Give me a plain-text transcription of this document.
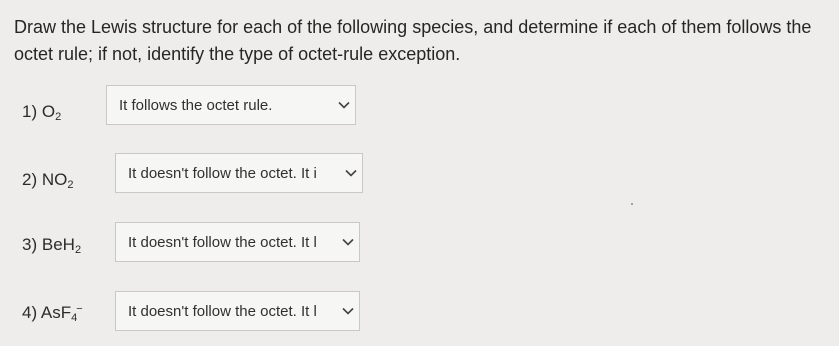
Draw the Lewis structure for each of the following species, and determine if each of them follows the octet rule; if not, identify the type of octet-rule exception.
1) $O_2$
It follows the octet rule.
2) $NO_2$
It doesn't follow the octet. It i
3) BeH$_2$	It doesn't follow the octet. It l
4) AsF$_4$−	It doesn't follow the octet. It l
